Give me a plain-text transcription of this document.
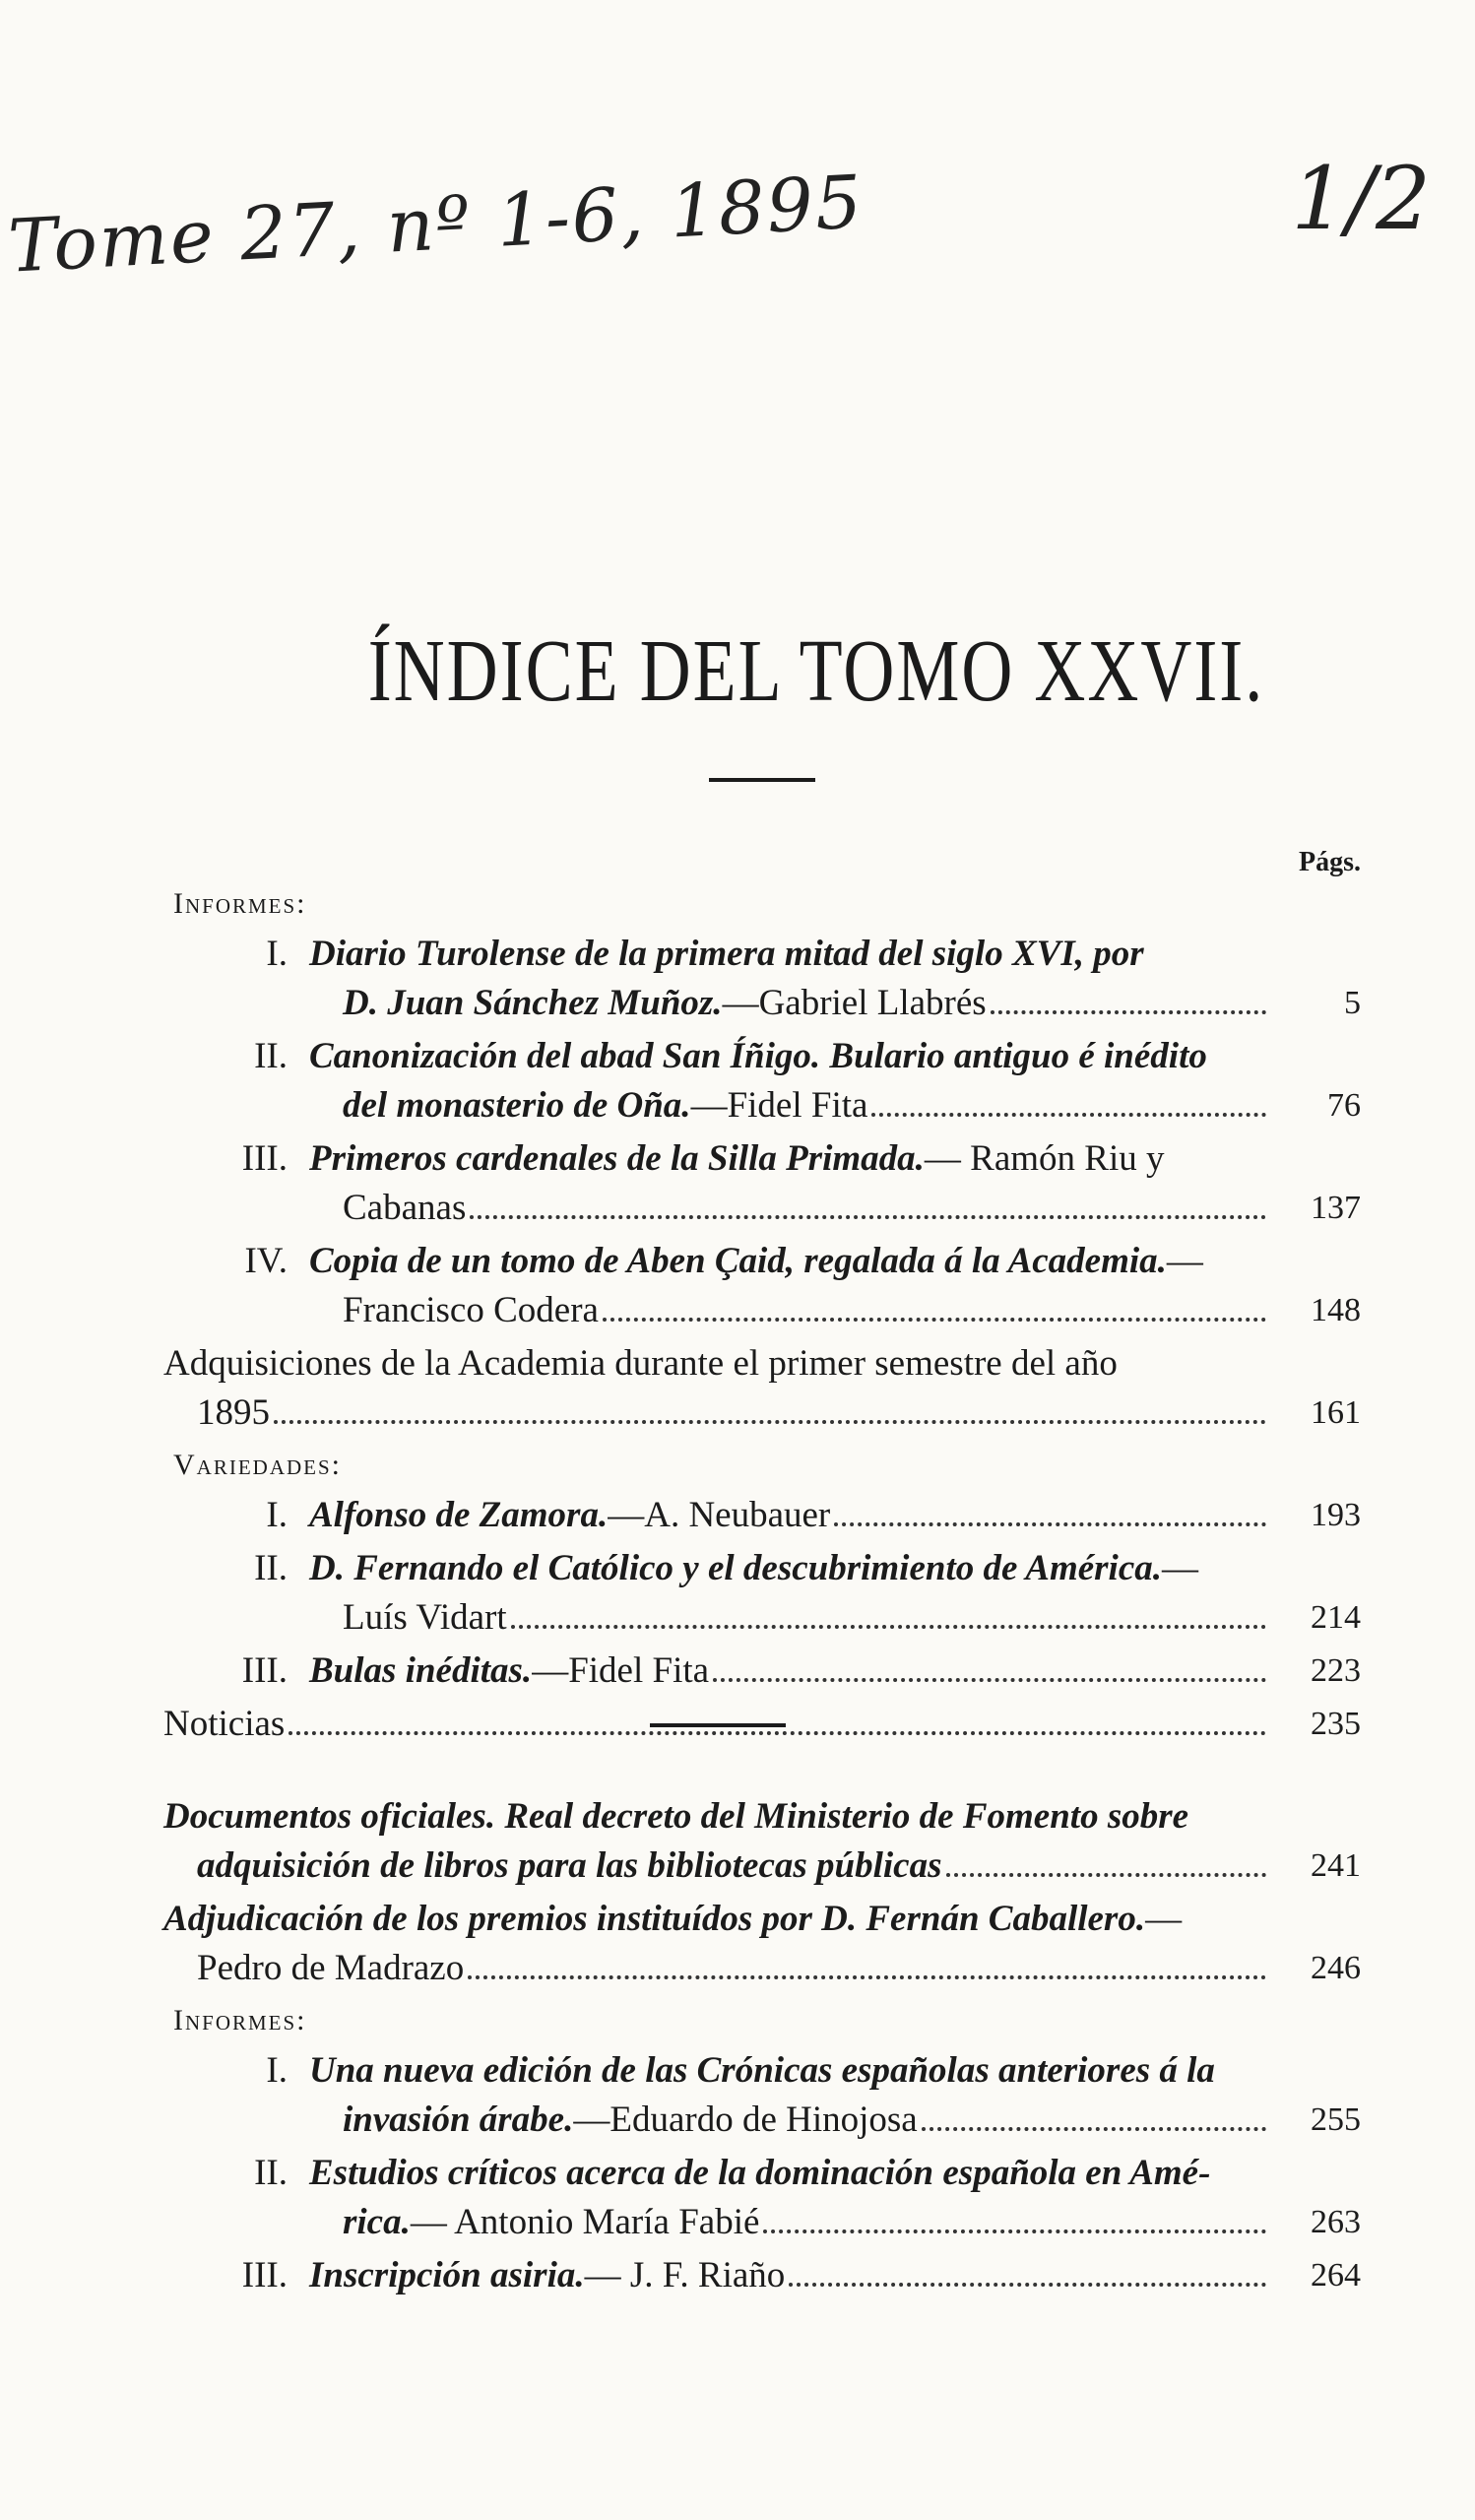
Tome 27, nº 1-6, 1895	1/2
ÍNDICE DEL TOMO XXVII.
Págs.
Informes:
I. Diario Turolense de la primera mitad del siglo XVI, por
D. Juan Sánchez Muñoz. —Gabriel Llabrés	5
II. Canonización del abad San Íñigo. Bulario antiguo é inédito
del monasterio de Oña. —Fidel Fita	76
III. Primeros cardenales de la Silla Primada. — Ramón Riu y
Cabanas	137
IV. Copia de un tomo de Aben Çaid, regalada á la Academia. —
Francisco Codera	148
Adquisiciones de la Academia durante el primer semestre del año
1895	161
Variedades:
I. Alfonso de Zamora. —A. Neubauer	193
II. D. Fernando el Católico y el descubrimiento de América. —
Luís Vidart	214
III. Bulas inéditas. —Fidel Fita	223
Noticias	235
Documentos oficiales. Real decreto del Ministerio de Fomento sobre
adquisición de libros para las bibliotecas públicas	241
Adjudicación de los premios instituídos por D. Fernán Caballero. —
Pedro de Madrazo	246
Informes:
I. Una nueva edición de las Crónicas españolas anteriores á la
invasión árabe. —Eduardo de Hinojosa	255
II. Estudios críticos acerca de la dominación española en Amé-
rica. — Antonio María Fabié	263
III. Inscripción asiria. — J. F. Riaño	264
